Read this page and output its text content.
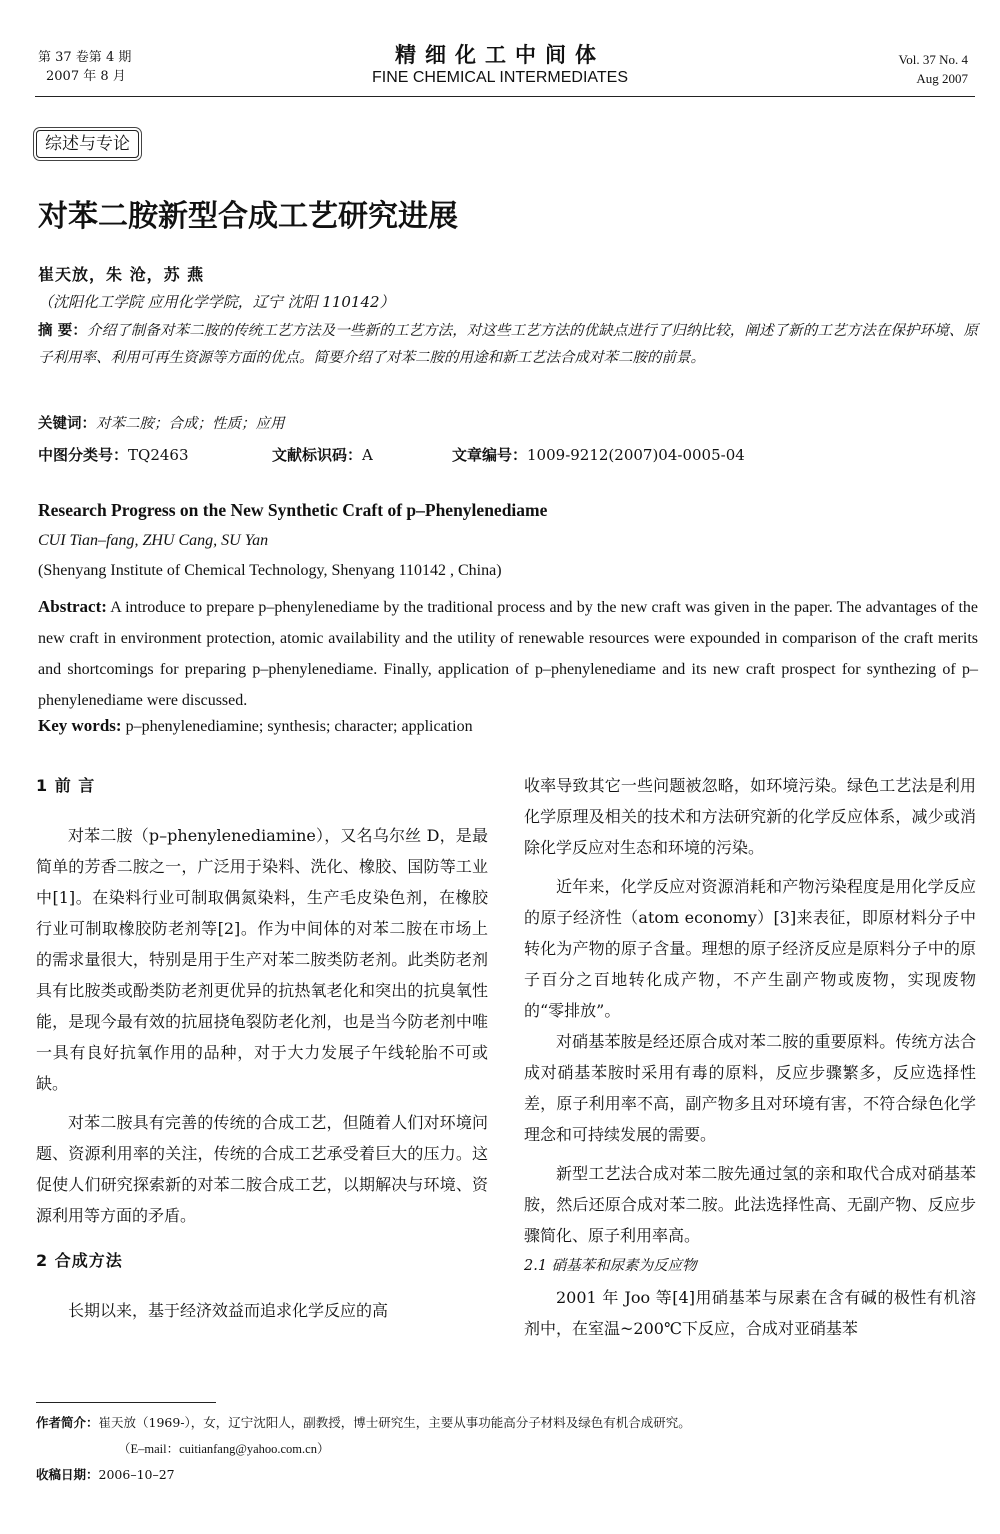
第 37 卷第 4 期
2007 年 8 月
精细化工中间体
FINE CHEMICAL INTERMEDIATES
Vol. 37 No. 4
Aug 2007
综述与专论
对苯二胺新型合成工艺研究进展
崔天放，朱 沧，苏 燕
（沈阳化工学院 应用化学学院，辽宁 沈阳 110142）
摘 要：介绍了制备对苯二胺的传统工艺方法及一些新的工艺方法，对这些工艺方法的优缺点进行了归纳比较，阐述了新的工艺方法在保护环境、原子利用率、利用可再生资源等方面的优点。简要介绍了对苯二胺的用途和新工艺法合成对苯二胺的前景。
关键词：对苯二胺；合成；性质；应用
中图分类号：TQ2463	文献标识码：A	文章编号：1009-9212(2007)04-0005-04
Research Progress on the New Synthetic Craft of p–Phenylenediame
CUI Tian–fang, ZHU Cang, SU Yan
(Shenyang Institute of Chemical Technology, Shenyang 110142 , China)
Abstract: A introduce to prepare p–phenylenediame by the traditional process and by the new craft was given in the paper. The advantages of the new craft in environment protection, atomic availability and the utility of renewable resources were expounded in comparison of the craft merits and shortcomings for preparing p–phenylenediame. Finally, application of p–phenylenediame and its new craft prospect for synthezing of p–phenylenediame were discussed.
Key words: p–phenylenediamine; synthesis; character; application
1 前 言

对苯二胺（p–phenylenediamine），又名乌尔丝 D，是最简单的芳香二胺之一，广泛用于染料、洗化、橡胶、国防等工业中[1]。在染料行业可制取偶氮染料，生产毛皮染色剂，在橡胶行业可制取橡胶防老剂等[2]。作为中间体的对苯二胺在市场上的需求量很大，特别是用于生产对苯二胺类防老剂。此类防老剂具有比胺类或酚类防老剂更优异的抗热氧老化和突出的抗臭氧性能，是现今最有效的抗屈挠龟裂防老化剂，也是当今防老剂中唯一具有良好抗氧作用的品种，对于大力发展子午线轮胎不可或缺。

对苯二胺具有完善的传统的合成工艺，但随着人们对环境问题、资源利用率的关注，传统的合成工艺承受着巨大的压力。这促使人们研究探索新的对苯二胺合成工艺，以期解决与环境、资源利用等方面的矛盾。

2 合成方法

长期以来，基于经济效益而追求化学反应的高

收率导致其它一些问题被忽略，如环境污染。绿色工艺法是利用化学原理及相关的技术和方法研究新的化学反应体系，减少或消除化学反应对生态和环境的污染。

近年来，化学反应对资源消耗和产物污染程度是用化学反应的原子经济性（atom economy）[3]来表征，即原材料分子中转化为产物的原子含量。理想的原子经济反应是原料分子中的原子百分之百地转化成产物，不产生副产物或废物，实现废物的“零排放”。

对硝基苯胺是经还原合成对苯二胺的重要原料。传统方法合成对硝基苯胺时采用有毒的原料，反应步骤繁多，反应选择性差，原子利用率不高，副产物多且对环境有害，不符合绿色化学理念和可持续发展的需要。

新型工艺法合成对苯二胺先通过氢的亲和取代合成对硝基苯胺，然后还原合成对苯二胺。此法选择性高、无副产物、反应步骤简化、原子利用率高。

2.1 硝基苯和尿素为反应物

2001 年 Joo 等[4]用硝基苯与尿素在含有碱的极性有机溶剂中，在室温~200℃下反应，合成对亚硝基苯

作者简介：崔天放（1969-），女，辽宁沈阳人，副教授，博士研究生，主要从事功能高分子材料及绿色有机合成研究。
（E–mail：cuitianfang@yahoo.com.cn）
收稿日期：2006–10–27
